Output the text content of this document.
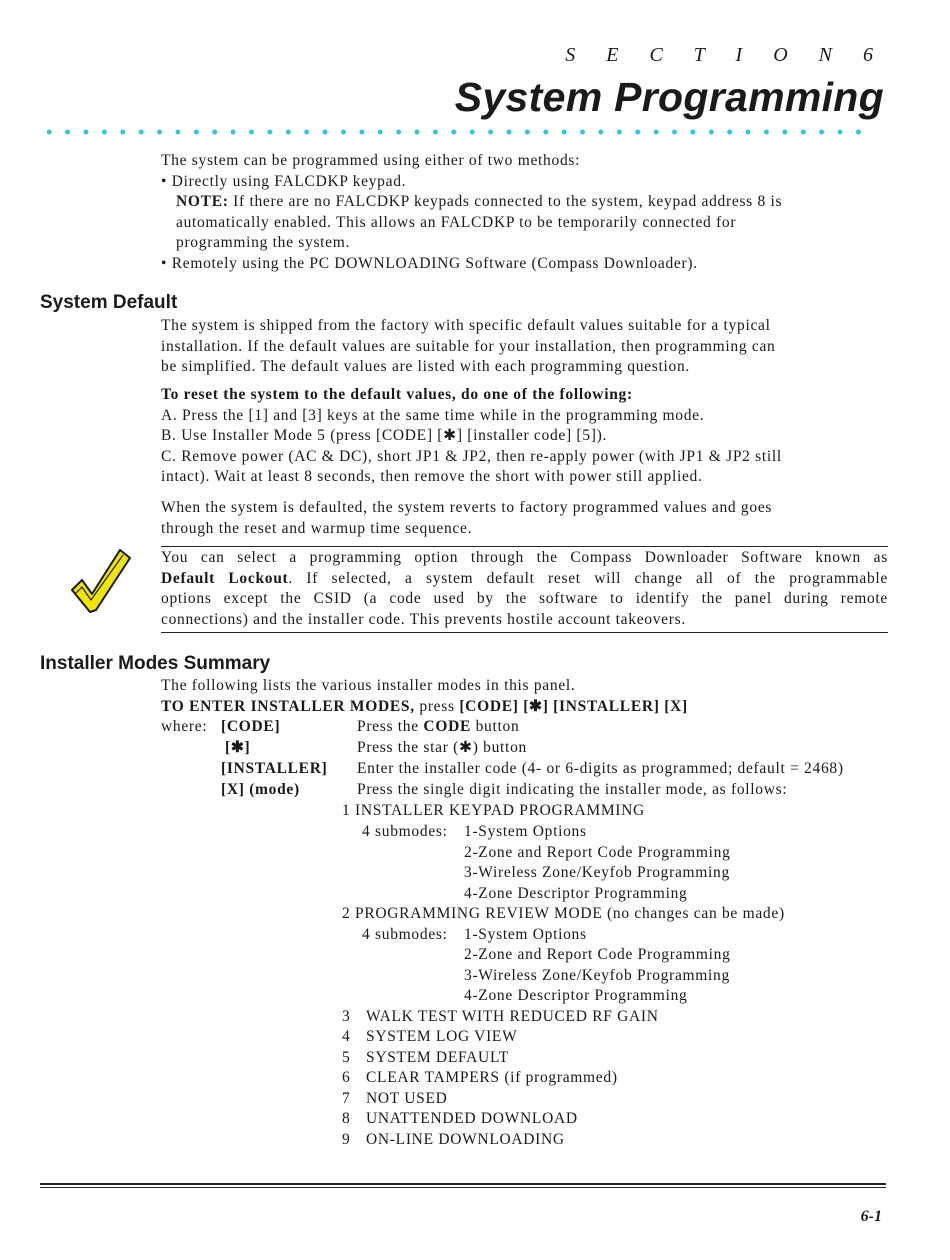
S E C T I O N 6
System Programming
The system can be programmed using either of two methods:
• Directly using FALCDKP keypad.
NOTE: If there are no FALCDKP keypads connected to the system, keypad address 8 is
automatically enabled. This allows an FALCDKP to be temporarily connected for
programming the system.
• Remotely using the PC DOWNLOADING Software (Compass Downloader).
System Default
The system is shipped from the factory with specific default values suitable for a typical
installation. If the default values are suitable for your installation, then programming can
be simplified. The default values are listed with each programming question.
To reset the system to the default values, do one of the following:
A. Press the [1] and [3] keys at the same time while in the programming mode.
B. Use Installer Mode 5 (press [CODE] [✱] [installer code] [5]).
C. Remove power (AC & DC), short JP1 & JP2, then re-apply power (with JP1 & JP2 still
intact). Wait at least 8 seconds, then remove the short with power still applied.
When the system is defaulted, the system reverts to factory programmed values and goes
through the reset and warmup time sequence.
You can select a programming option through the Compass Downloader Software known as
Default Lockout. If selected, a system default reset will change all of the programmable
options except the CSID (a code used by the software to identify the panel during remote
connections) and the installer code. This prevents hostile account takeovers.
Installer Modes Summary
The following lists the various installer modes in this panel.
TO ENTER INSTALLER MODES, press [CODE] [✱] [INSTALLER] [X]
where: [CODE]	Press the CODE button
[✱]	Press the star (✱) button
[INSTALLER] Enter the installer code (4- or 6-digits as programmed; default = 2468)
[X] (mode)	Press the single digit indicating the installer mode, as follows:
1 INSTALLER KEYPAD PROGRAMMING
4 submodes: 1-System Options
2-Zone and Report Code Programming
3-Wireless Zone/Keyfob Programming
4-Zone Descriptor Programming
2 PROGRAMMING REVIEW MODE (no changes can be made)
4 submodes: 1-System Options
2-Zone and Report Code Programming
3-Wireless Zone/Keyfob Programming
4-Zone Descriptor Programming
3 WALK TEST WITH REDUCED RF GAIN
4 SYSTEM LOG VIEW
5 SYSTEM DEFAULT
6 CLEAR TAMPERS (if programmed)
7 NOT USED
8 UNATTENDED DOWNLOAD
9 ON-LINE DOWNLOADING
6-1
